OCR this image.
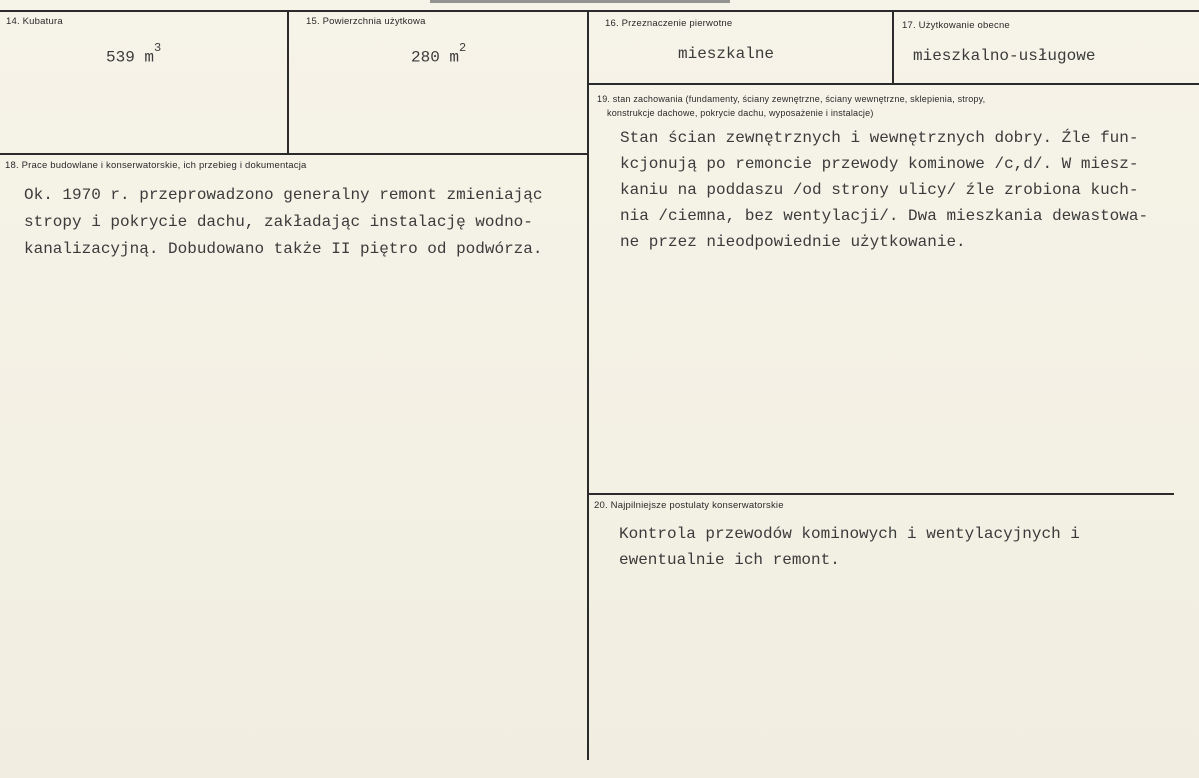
14. Kubatura
539 $m^3$
15. Powierzchnia użytkowa
280 $m^2$
16. Przeznaczenie pierwotne
mieszkalne
17. Użytkowanie obecne
mieszkalno-usługowe
19. stan zachowania (fundamenty, ściany zewnętrzne, ściany wewnętrzne, sklepienia, stropy,
konstrukcje dachowe, pokrycie dachu, wyposażenie i instalacje)
Stan ścian zewnętrznych i wewnętrznych dobry. Źle fun-
kcjonują po remoncie przewody kominowe /c,d/. W miesz-
kaniu na poddaszu /od strony ulicy/ źle zrobiona kuch-
nia /ciemna, bez wentylacji/. Dwa mieszkania dewastowa-
ne przez nieodpowiednie użytkowanie.
18. Prace budowlane i konserwatorskie, ich przebieg i dokumentacja
Ok. 1970 r. przeprowadzono generalny remont zmieniając
stropy i pokrycie dachu, zakładając instalację wodno-
kanalizacyjną. Dobudowano także II piętro od podwórza.
20. Najpilniejsze postulaty konserwatorskie
Kontrola przewodów kominowych i wentylacyjnych i
ewentualnie ich remont.
